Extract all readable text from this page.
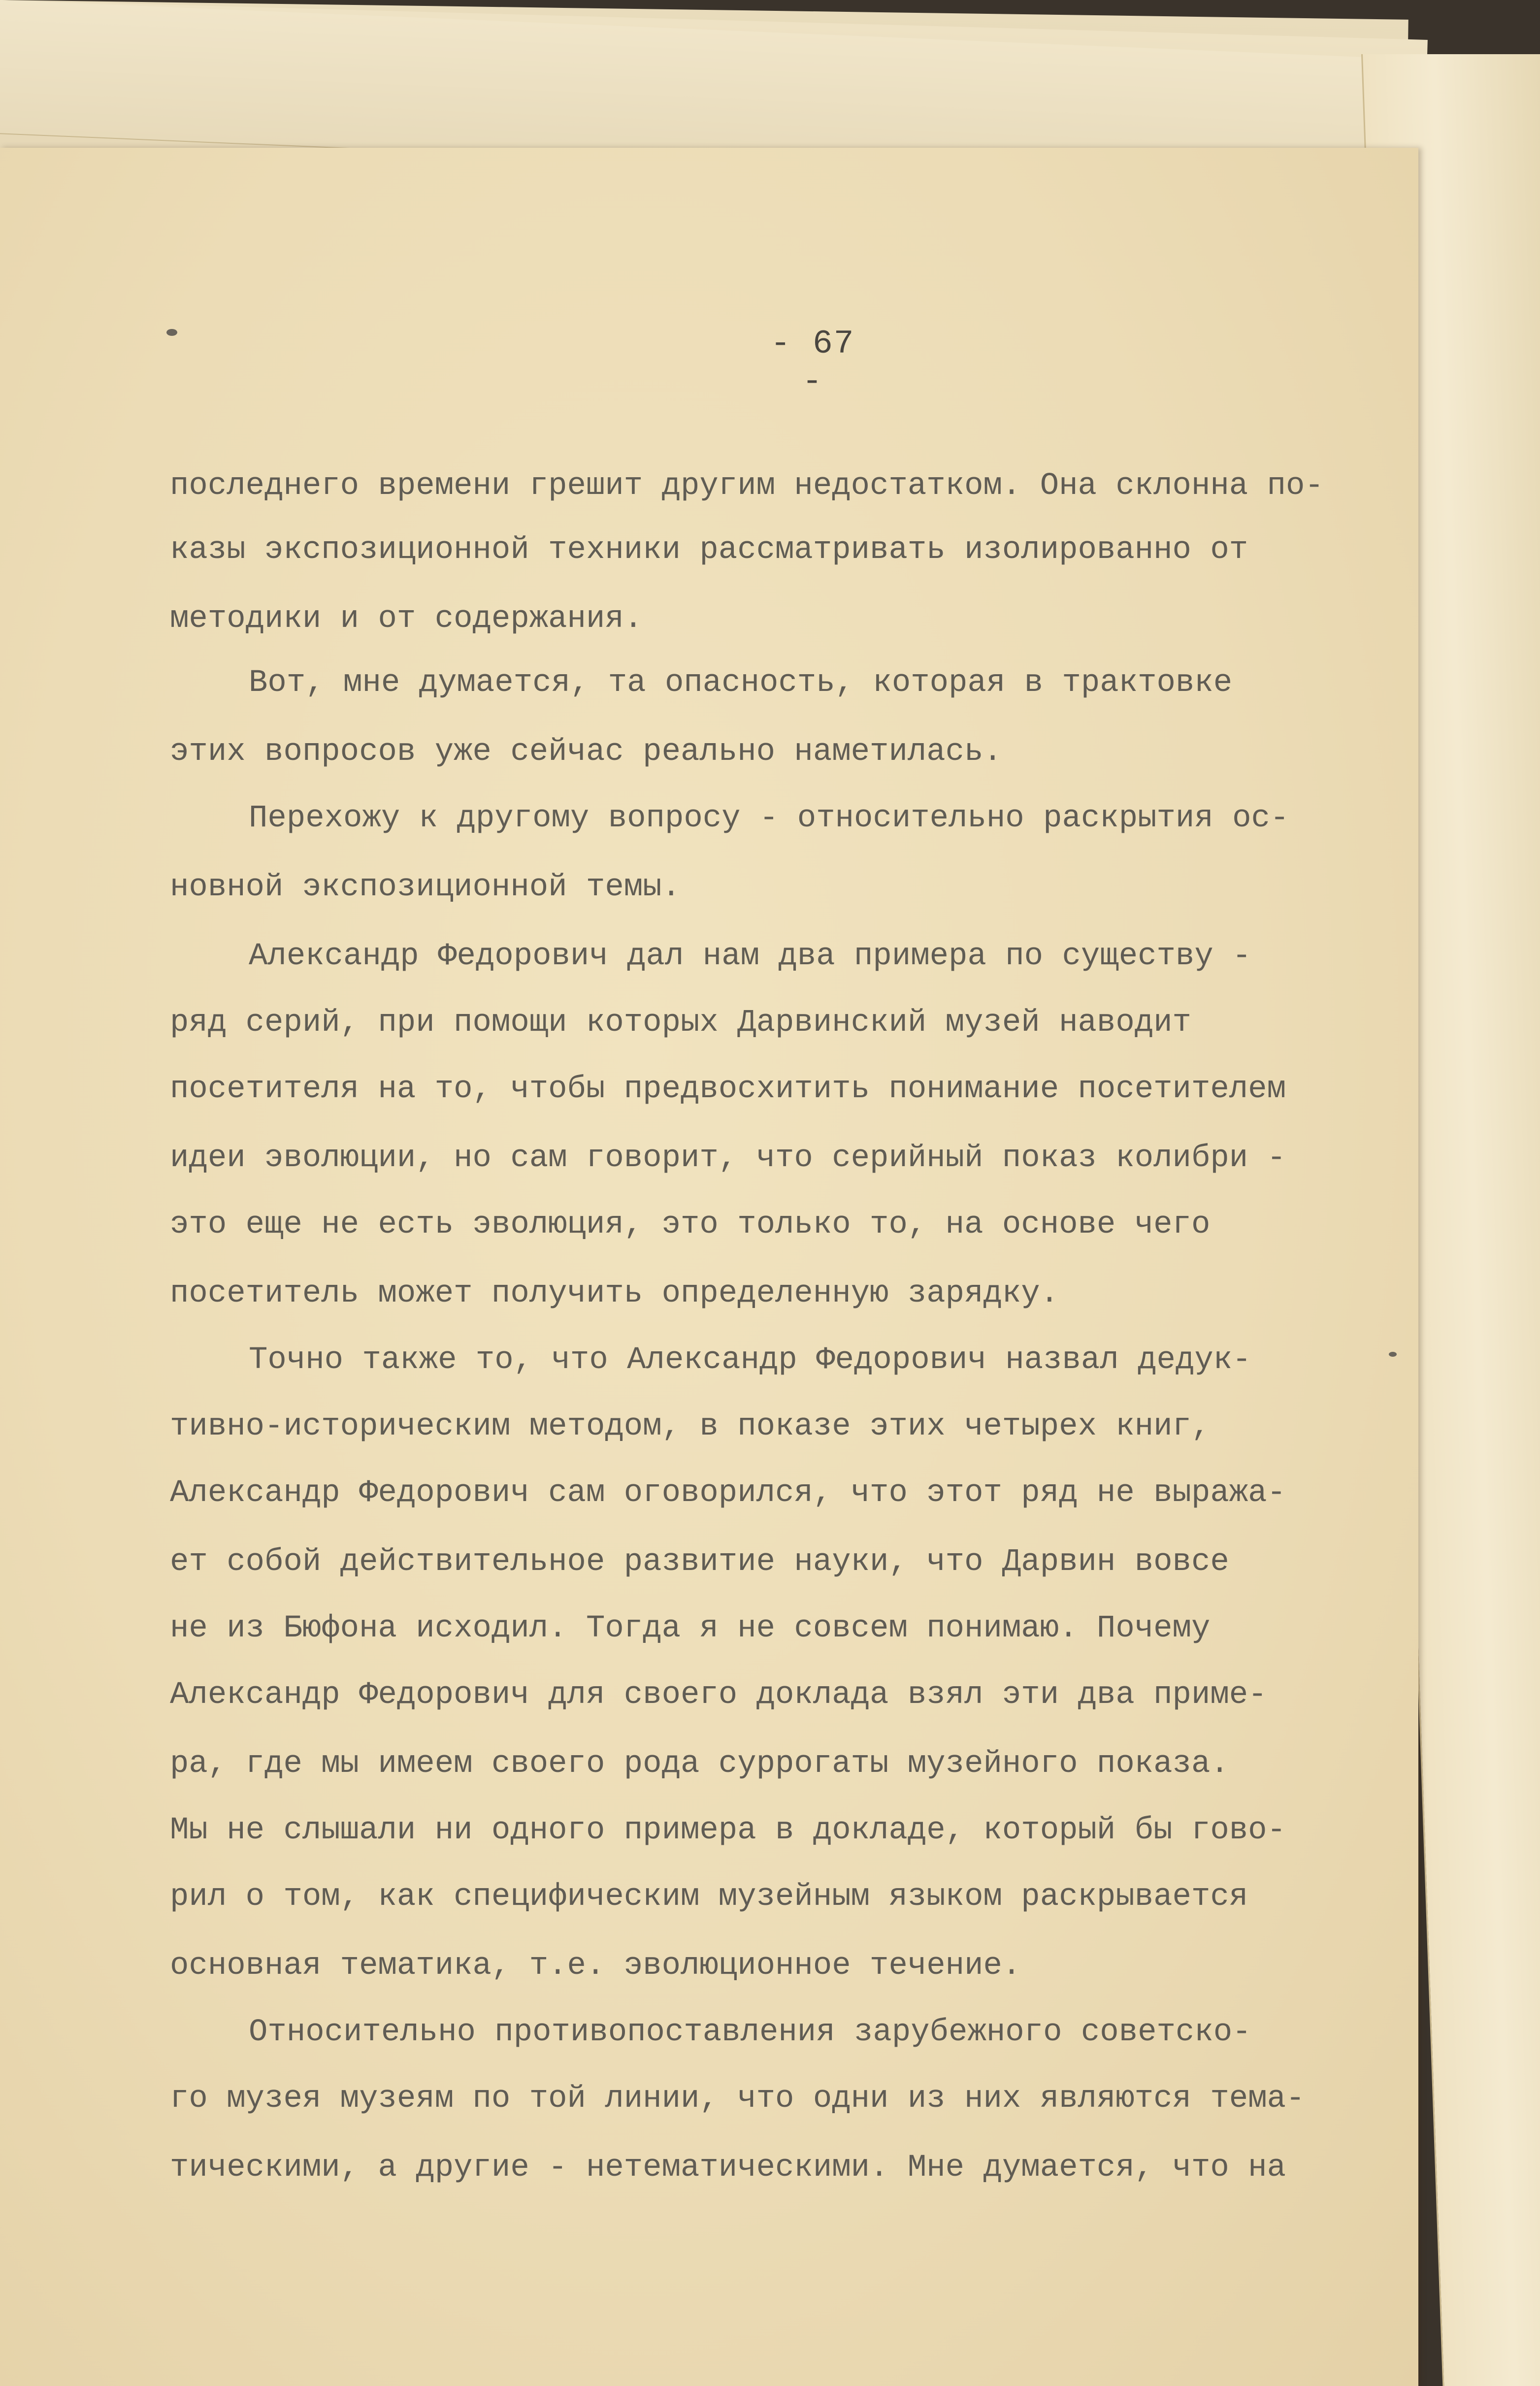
- 67 -
последнего времени грешит другим недостатком. Она склонна по-
казы экспозиционной техники рассматривать изолированно от
методики и от содержания.
Вот, мне думается, та опасность, которая в трактовке
этих вопросов уже сейчас реально наметилась.
Перехожу к другому вопросу - относительно раскрытия ос-
новной экспозиционной темы.
Александр Федорович дал нам два примера по существу -
ряд серий, при помощи которых Дарвинский музей наводит
посетителя на то, чтобы предвосхитить понимание посетителем
идеи эволюции, но сам говорит, что серийный показ колибри -
это еще не есть эволюция, это только то, на основе чего
посетитель может получить определенную зарядку.
Точно также то, что Александр Федорович назвал дедук-
тивно-историческим методом, в показе этих четырех книг,
Александр Федорович сам оговорился, что этот ряд не выража-
ет собой действительное развитие науки, что Дарвин вовсе
не из Бюфона исходил. Тогда я не совсем понимаю. Почему
Александр Федорович для своего доклада взял эти два приме-
ра, где мы имеем своего рода суррогаты музейного показа.
Мы не слышали ни одного примера в докладе, который бы гово-
рил о том, как специфическим музейным языком раскрывается
основная тематика, т.е. эволюционное течение.
Относительно противопоставления зарубежного советско-
го музея музеям по той линии, что одни из них являются тема-
тическими, а другие - нетематическими. Мне думается, что на
